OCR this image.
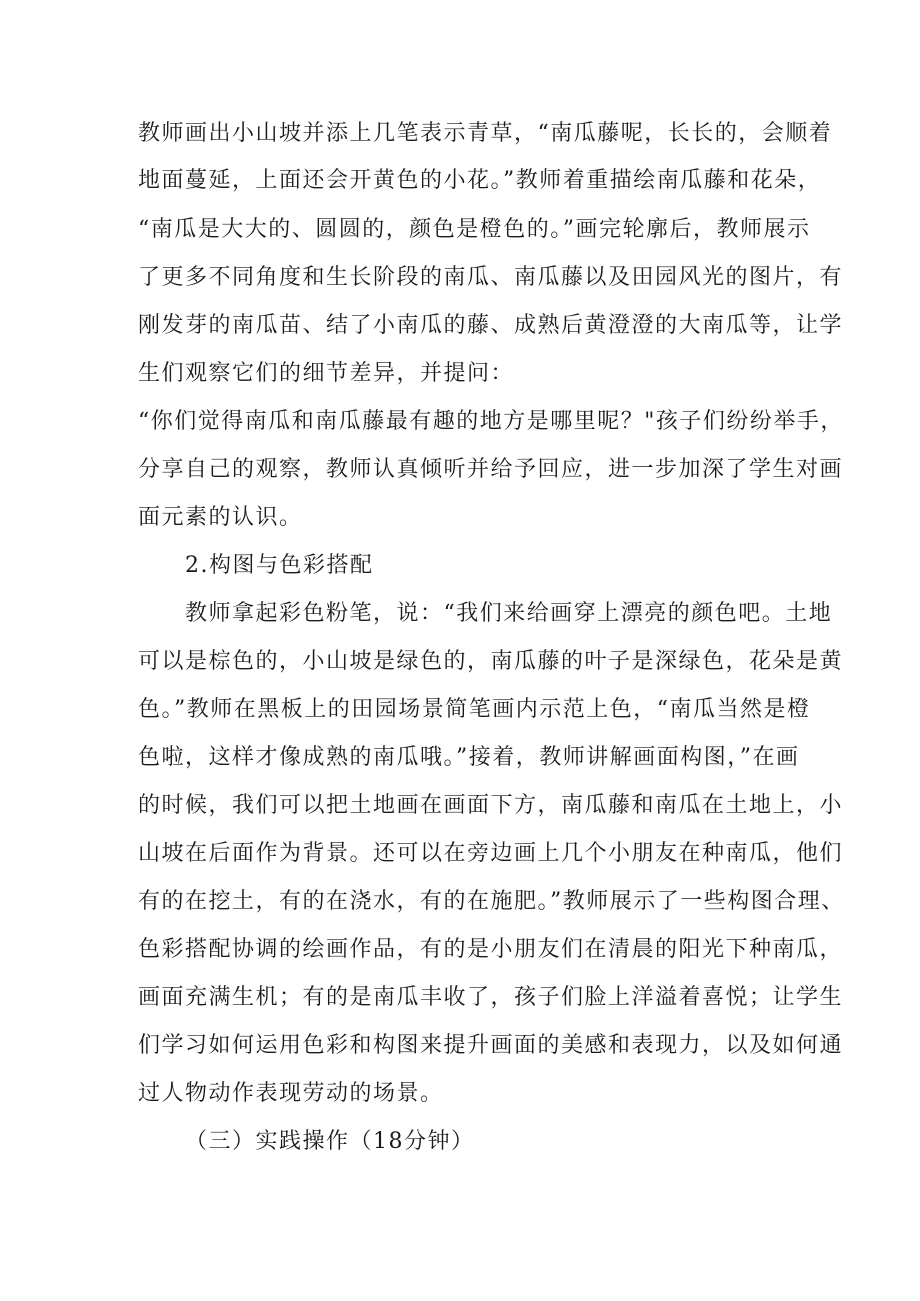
教师画出小山坡并添上几笔表示青草，“南瓜藤呢，长长的，会顺着
地面蔓延，上面还会开黄色的小花。”教师着重描绘南瓜藤和花朵，
“南瓜是大大的、圆圆的，颜色是橙色的。”画完轮廓后，教师展示
了更多不同角度和生长阶段的南瓜、南瓜藤以及田园风光的图片，有
刚发芽的南瓜苗、结了小南瓜的藤、成熟后黄澄澄的大南瓜等，让学
生们观察它们的细节差异，并提问：
“你们觉得南瓜和南瓜藤最有趣的地方是哪里呢？"孩子们纷纷举手，
分享自己的观察，教师认真倾听并给予回应，进一步加深了学生对画
面元素的认识。
2.构图与色彩搭配
教师拿起彩色粉笔，说：“我们来给画穿上漂亮的颜色吧。土地
可以是棕色的，小山坡是绿色的，南瓜藤的叶子是深绿色，花朵是黄
色。”教师在黑板上的田园场景简笔画内示范上色，“南瓜当然是橙
色啦，这样才像成熟的南瓜哦。”接着，教师讲解画面构图，”在画
的时候，我们可以把土地画在画面下方，南瓜藤和南瓜在土地上，小
山坡在后面作为背景。还可以在旁边画上几个小朋友在种南瓜，他们
有的在挖土，有的在浇水，有的在施肥。”教师展示了一些构图合理、
色彩搭配协调的绘画作品，有的是小朋友们在清晨的阳光下种南瓜，
画面充满生机；有的是南瓜丰收了，孩子们脸上洋溢着喜悦；让学生
们学习如何运用色彩和构图来提升画面的美感和表现力，以及如何通
过人物动作表现劳动的场景。
（三）实践操作（18分钟）
